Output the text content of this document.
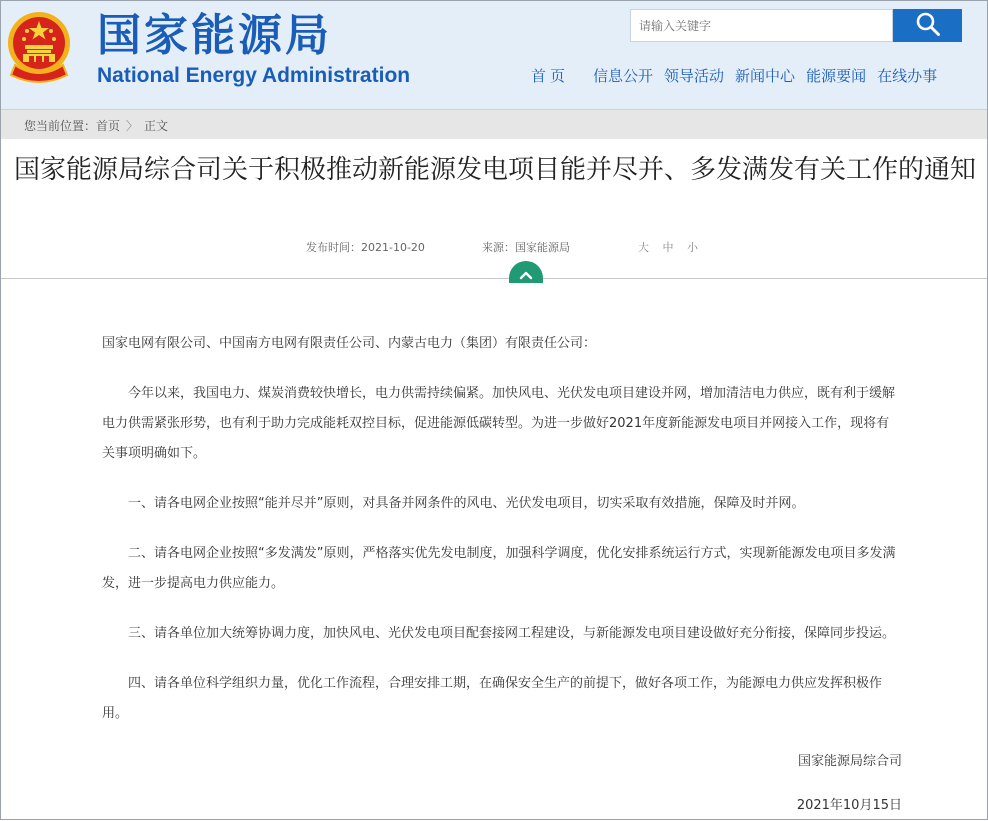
国家能源局
National Energy Administration
请输入关键字	首页 信息公开 领导活动 新闻中心 能源要闻 在线办事
您当前位置： 首页 〉 正文
国家能源局综合司关于积极推动新能源发电项目能并尽并、多发满发有关工作的通知
发布时间：2021-10-20	来源：国家能源局	大 中 小

国家电网有限公司、中国南方电网有限责任公司、内蒙古电力（集团）有限责任公司：

今年以来，我国电力、煤炭消费较快增长，电力供需持续偏紧。加快风电、光伏发电项目建设并网，增加清洁电力供应，既有利于缓解电力供需紧张形势，也有利于助力完成能耗双控目标，促进能源低碳转型。为进一步做好2021年度新能源发电项目并网接入工作，现将有关事项明确如下。

一、请各电网企业按照“能并尽并”原则，对具备并网条件的风电、光伏发电项目，切实采取有效措施，保障及时并网。

二、请各电网企业按照“多发满发”原则，严格落实优先发电制度，加强科学调度，优化安排系统运行方式，实现新能源发电项目多发满发，进一步提高电力供应能力。

三、请各单位加大统筹协调力度，加快风电、光伏发电项目配套接网工程建设，与新能源发电项目建设做好充分衔接，保障同步投运。

四、请各单位科学组织力量，优化工作流程，合理安排工期，在确保安全生产的前提下，做好各项工作，为能源电力供应发挥积极作用。

国家能源局综合司

2021年10月15日
